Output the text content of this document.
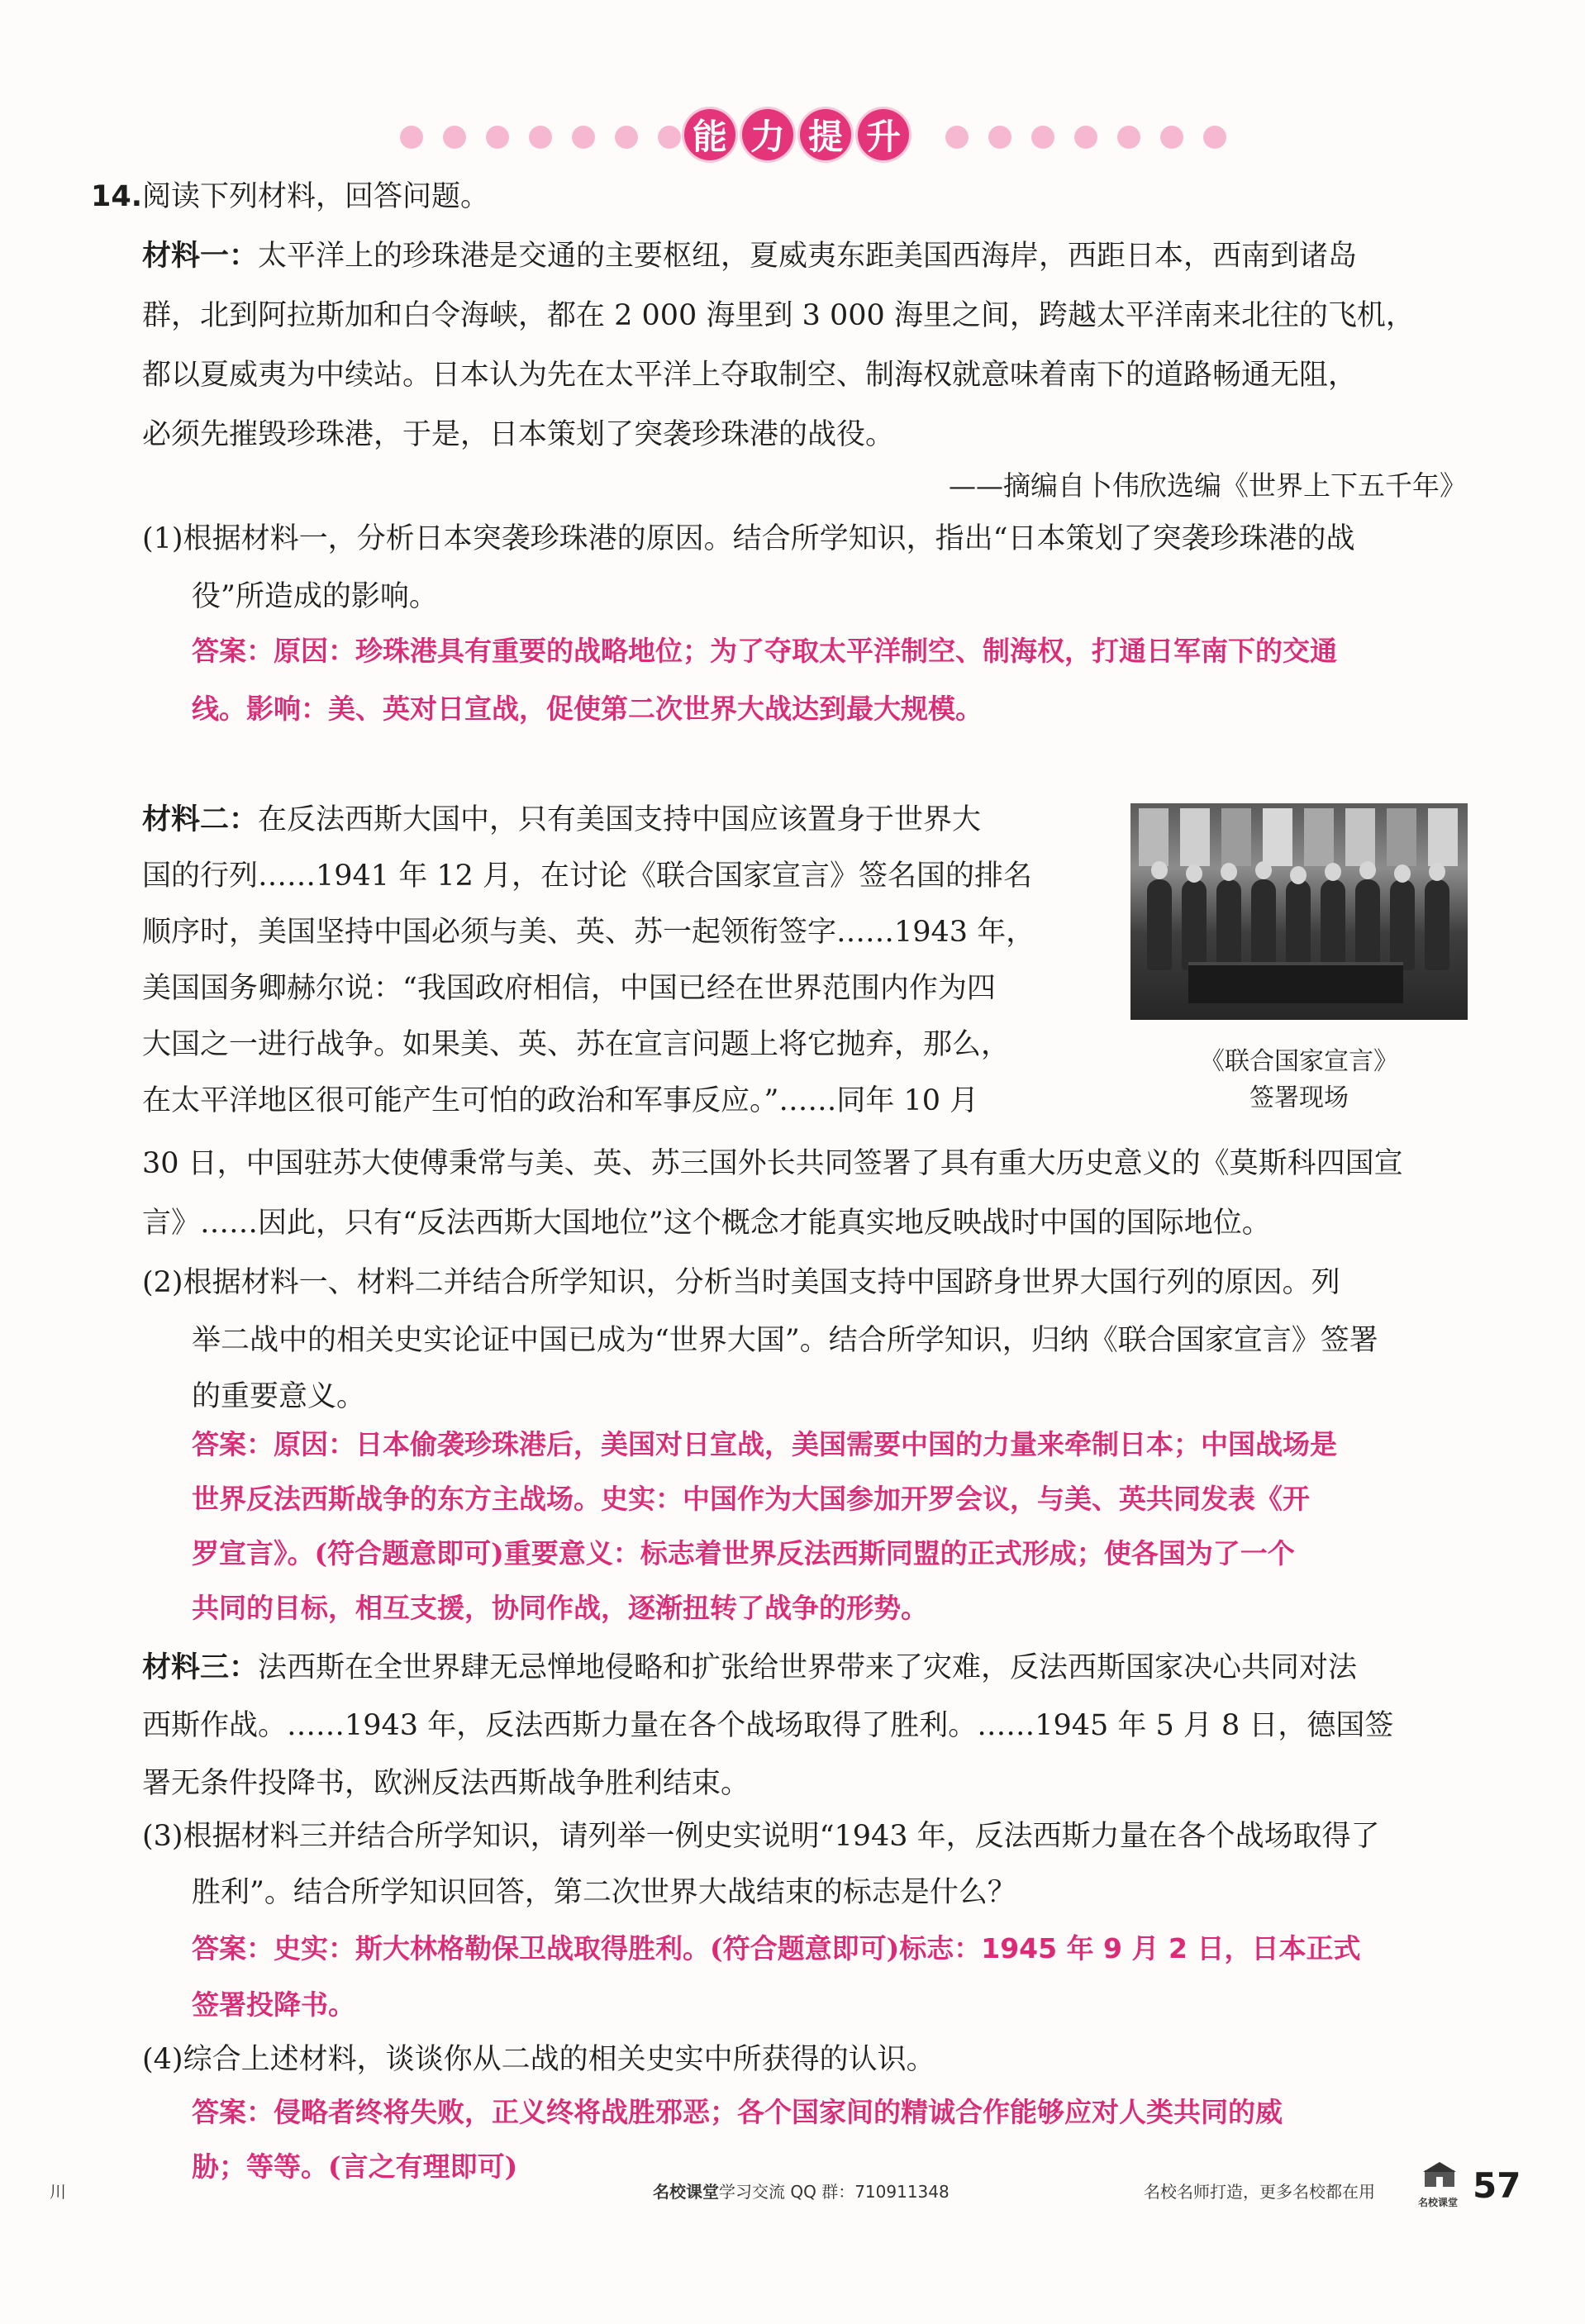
能 力 提 升
14.阅读下列材料，回答问题。
材料一：太平洋上的珍珠港是交通的主要枢纽，夏威夷东距美国西海岸，西距日本，西南到诸岛
群，北到阿拉斯加和白令海峡，都在 2 000 海里到 3 000 海里之间，跨越太平洋南来北往的飞机，
都以夏威夷为中续站。日本认为先在太平洋上夺取制空、制海权就意味着南下的道路畅通无阻，
必须先摧毁珍珠港，于是，日本策划了突袭珍珠港的战役。
——摘编自卜伟欣选编《世界上下五千年》
(1)根据材料一，分析日本突袭珍珠港的原因。结合所学知识，指出“日本策划了突袭珍珠港的战
役”所造成的影响。
答案：原因：珍珠港具有重要的战略地位；为了夺取太平洋制空、制海权，打通日军南下的交通
线。影响：美、英对日宣战，促使第二次世界大战达到最大规模。
材料二：在反法西斯大国中，只有美国支持中国应该置身于世界大
国的行列……1941 年 12 月，在讨论《联合国家宣言》签名国的排名
顺序时，美国坚持中国必须与美、英、苏一起领衔签字……1943 年，
美国国务卿赫尔说：“我国政府相信，中国已经在世界范围内作为四
大国之一进行战争。如果美、英、苏在宣言问题上将它抛弃，那么，
在太平洋地区很可能产生可怕的政治和军事反应。”……同年 10 月
30 日，中国驻苏大使傅秉常与美、英、苏三国外长共同签署了具有重大历史意义的《莫斯科四国宣
言》……因此，只有“反法西斯大国地位”这个概念才能真实地反映战时中国的国际地位。
《联合国家宣言》
签署现场
(2)根据材料一、材料二并结合所学知识，分析当时美国支持中国跻身世界大国行列的原因。列
举二战中的相关史实论证中国已成为“世界大国”。结合所学知识，归纳《联合国家宣言》签署
的重要意义。
答案：原因：日本偷袭珍珠港后，美国对日宣战，美国需要中国的力量来牵制日本；中国战场是
世界反法西斯战争的东方主战场。史实：中国作为大国参加开罗会议，与美、英共同发表《开
罗宣言》。(符合题意即可)重要意义：标志着世界反法西斯同盟的正式形成；使各国为了一个
共同的目标，相互支援，协同作战，逐渐扭转了战争的形势。
材料三：法西斯在全世界肆无忌惮地侵略和扩张给世界带来了灾难，反法西斯国家决心共同对法
西斯作战。……1943 年，反法西斯力量在各个战场取得了胜利。……1945 年 5 月 8 日，德国签
署无条件投降书，欧洲反法西斯战争胜利结束。
(3)根据材料三并结合所学知识，请列举一例史实说明“1943 年，反法西斯力量在各个战场取得了
胜利”。结合所学知识回答，第二次世界大战结束的标志是什么？
答案：史实：斯大林格勒保卫战取得胜利。(符合题意即可)标志：1945 年 9 月 2 日，日本正式
签署投降书。
(4)综合上述材料，谈谈你从二战的相关史实中所获得的认识。
答案：侵略者终将失败，正义终将战胜邪恶；各个国家间的精诚合作能够应对人类共同的威
胁；等等。(言之有理即可)
川	名校课堂学习交流 QQ 群：710911348	名校名师打造，更多名校都在用
名校课堂 57
